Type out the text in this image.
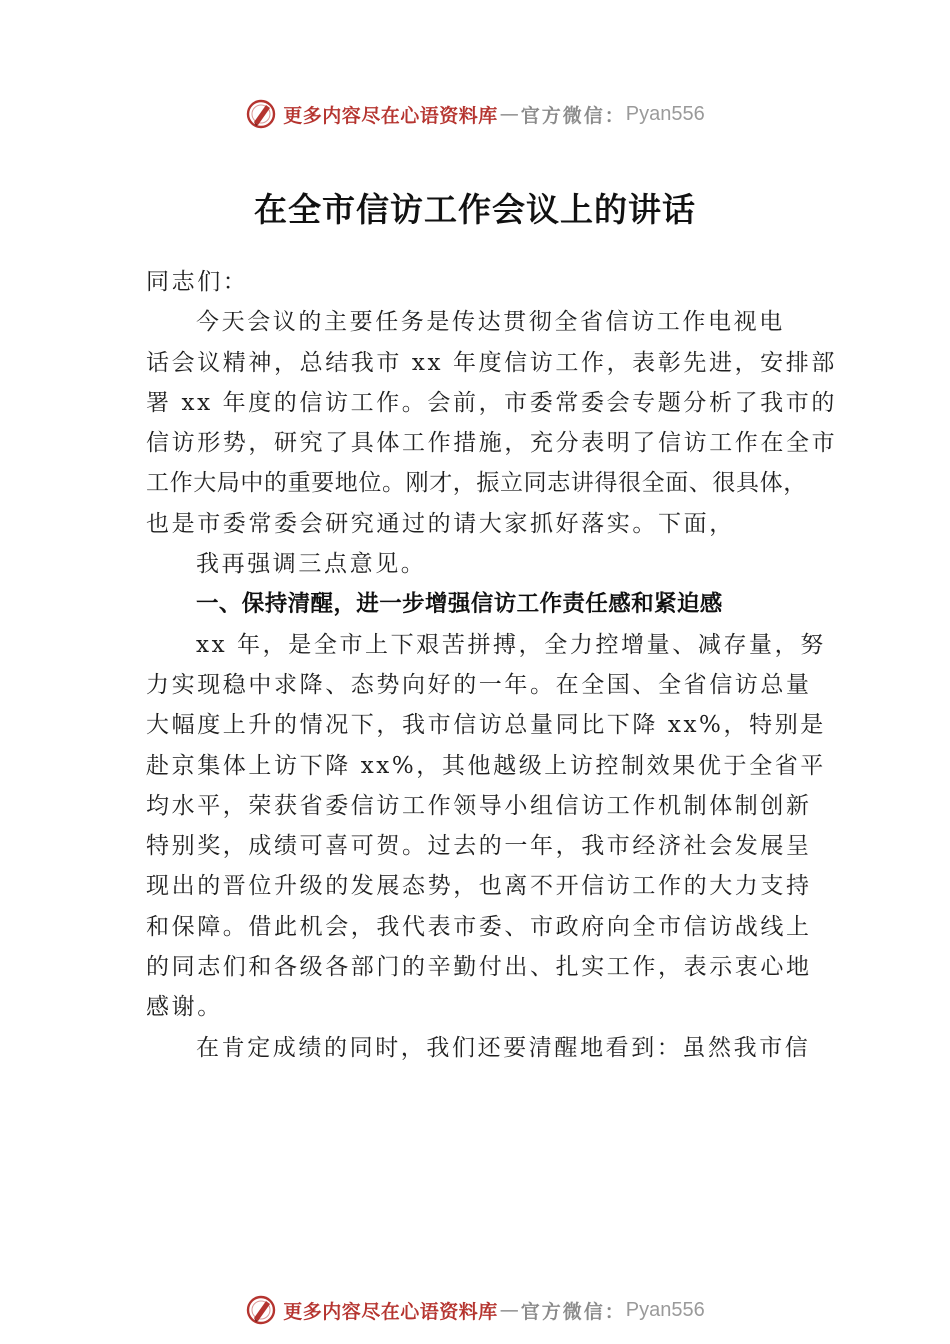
更多内容尽在心语资料库 — 官方微信： Pyan556
在全市信访工作会议上的讲话
同志们：
今天会议的主要任务是传达贯彻全省信访工作电视电
话会议精神，总结我市 xx 年度信访工作，表彰先进，安排部
署 xx 年度的信访工作。会前，市委常委会专题分析了我市的
信访形势，研究了具体工作措施，充分表明了信访工作在全市
工作大局中的重要地位。刚才，振立同志讲得很全面、很具体，
也是市委常委会研究通过的请大家抓好落实。下面，
我再强调三点意见。
一、保持清醒，进一步增强信访工作责任感和紧迫感
xx 年，是全市上下艰苦拼搏，全力控增量、减存量，努
力实现稳中求降、态势向好的一年。在全国、全省信访总量
大幅度上升的情况下，我市信访总量同比下降 xx%，特别是
赴京集体上访下降 xx%，其他越级上访控制效果优于全省平
均水平，荣获省委信访工作领导小组信访工作机制体制创新
特别奖，成绩可喜可贺。过去的一年，我市经济社会发展呈
现出的晋位升级的发展态势，也离不开信访工作的大力支持
和保障。借此机会，我代表市委、市政府向全市信访战线上
的同志们和各级各部门的辛勤付出、扎实工作，表示衷心地
感谢。
在肯定成绩的同时，我们还要清醒地看到：虽然我市信
更多内容尽在心语资料库 — 官方微信： Pyan556
